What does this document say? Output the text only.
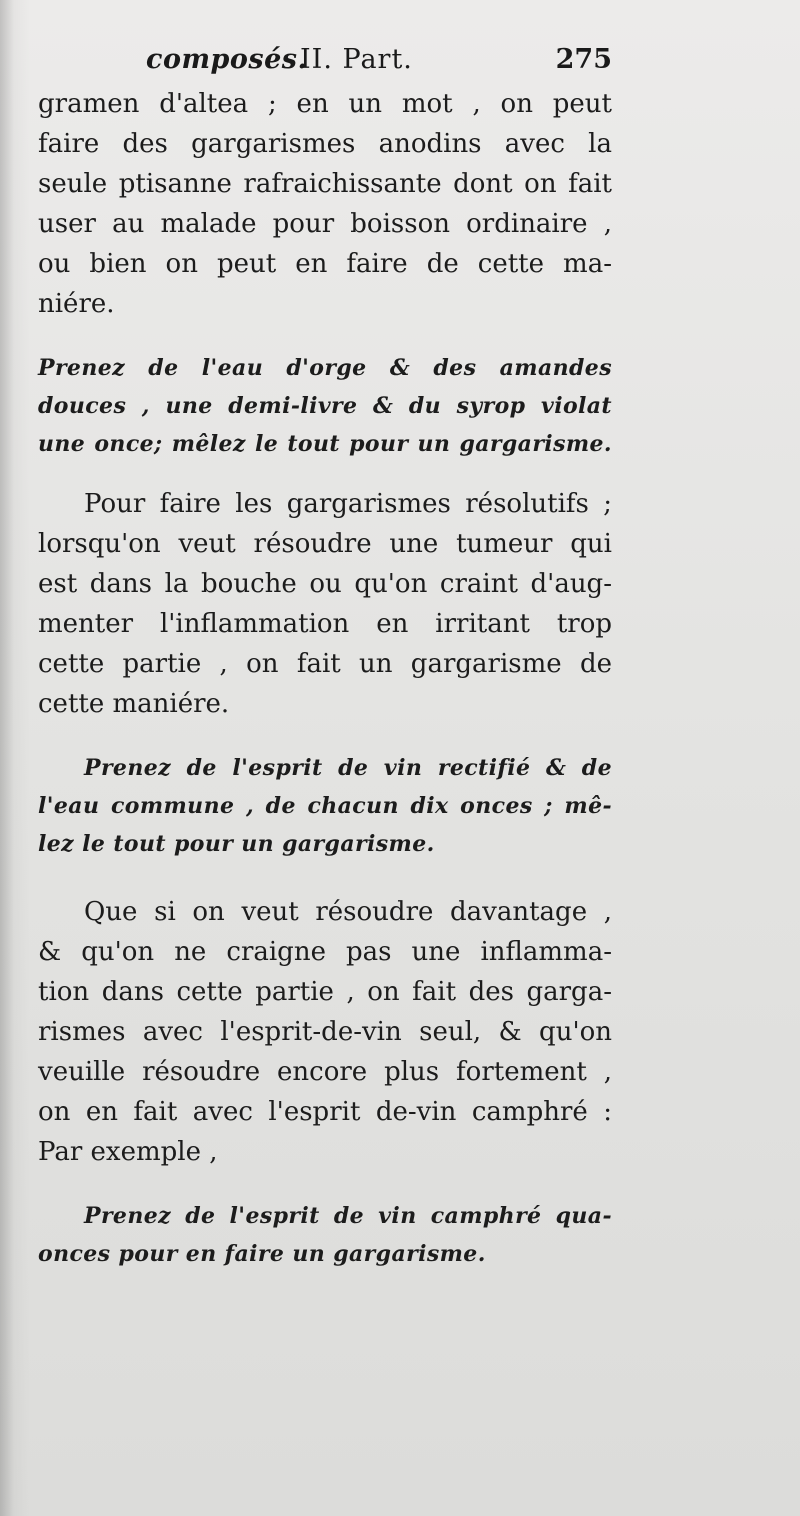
composés.
II. Part.	275
gramen d'altea ; en un mot , on peut
faire des gargarismes anodins avec la
seule ptisanne rafraichissante dont on fait
user au malade pour boisson ordinaire ,
ou bien on peut en faire de cette ma-
niére.
Prenez de l'eau d'orge & des amandes
douces , une demi-livre & du syrop violat
une once; mêlez le tout pour un gargarisme.
Pour faire les gargarismes résolutifs ;
lorsqu'on veut résoudre une tumeur qui
est dans la bouche ou qu'on craint d'aug-
menter l'inflammation en irritant trop
cette partie , on fait un gargarisme de
cette maniére.
Prenez de l'esprit de vin rectifié & de
l'eau commune , de chacun dix onces ; mê-
lez le tout pour un gargarisme.
Que si on veut résoudre davantage ,
& qu'on ne craigne pas une inflamma-
tion dans cette partie , on fait des garga-
rismes avec l'esprit-de-vin seul, & qu'on
veuille résoudre encore plus fortement ,
on en fait avec l'esprit de-vin camphré :
Par exemple ,
Prenez de l'esprit de vin camphré qua-
onces pour en faire un gargarisme.
